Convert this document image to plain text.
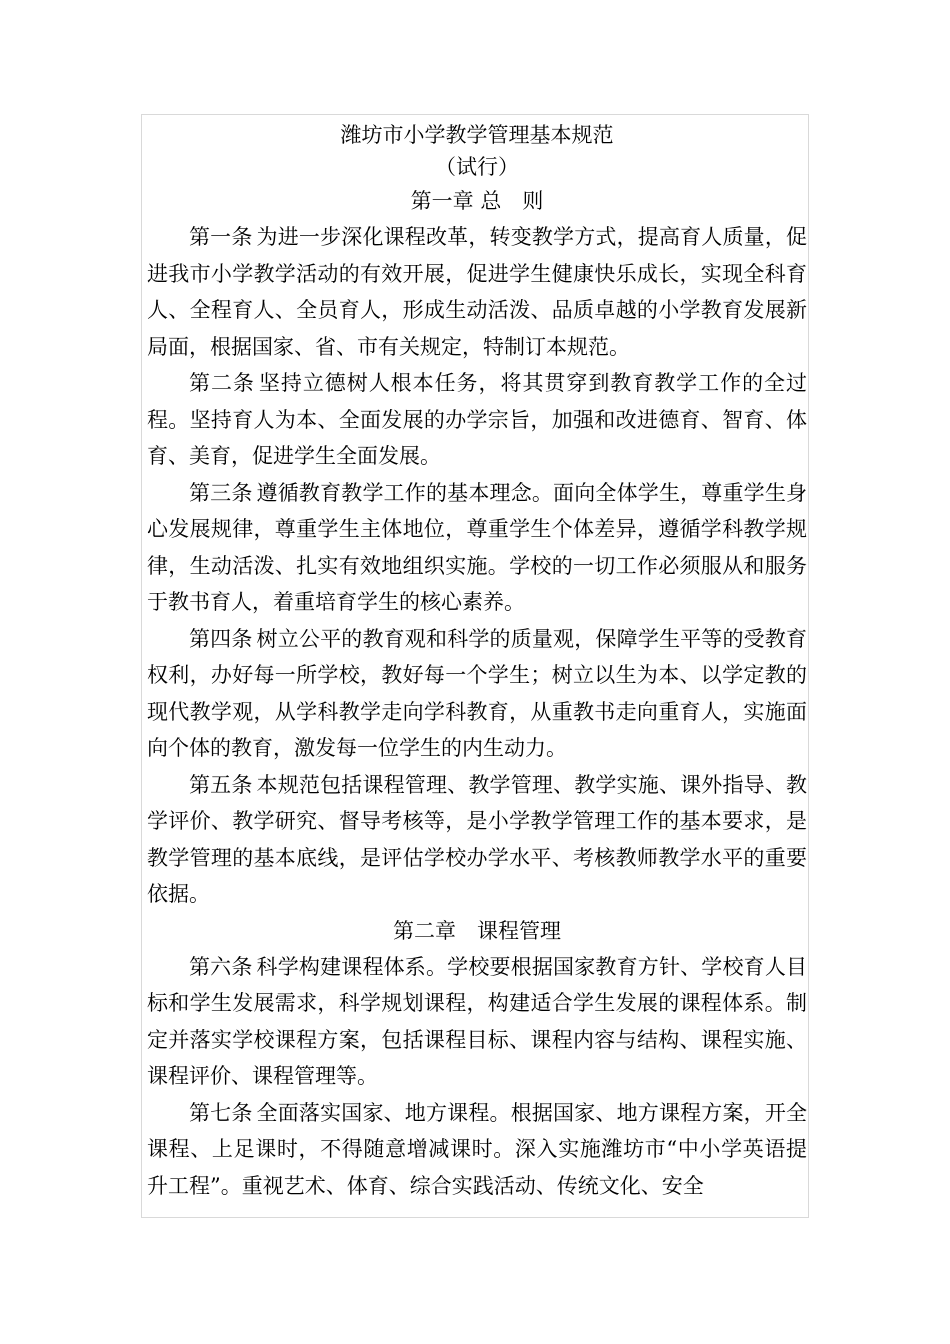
潍坊市小学教学管理基本规范
（试行）
第一章 总　则

第一条 为进一步深化课程改革，转变教学方式，提高育人质量，促进我市小学教学活动的有效开展，促进学生健康快乐成长，实现全科育人、全程育人、全员育人，形成生动活泼、品质卓越的小学教育发展新局面，根据国家、省、市有关规定，特制订本规范。

第二条 坚持立德树人根本任务，将其贯穿到教育教学工作的全过程。坚持育人为本、全面发展的办学宗旨，加强和改进德育、智育、体育、美育，促进学生全面发展。

第三条 遵循教育教学工作的基本理念。面向全体学生，尊重学生身心发展规律，尊重学生主体地位，尊重学生个体差异，遵循学科教学规律，生动活泼、扎实有效地组织实施。学校的一切工作必须服从和服务于教书育人，着重培育学生的核心素养。

第四条 树立公平的教育观和科学的质量观，保障学生平等的受教育权利，办好每一所学校，教好每一个学生；树立以生为本、以学定教的现代教学观，从学科教学走向学科教育，从重教书走向重育人，实施面向个体的教育，激发每一位学生的内生动力。

第五条 本规范包括课程管理、教学管理、教学实施、课外指导、教学评价、教学研究、督导考核等，是小学教学管理工作的基本要求，是教学管理的基本底线，是评估学校办学水平、考核教师教学水平的重要依据。

第二章　课程管理

第六条 科学构建课程体系。学校要根据国家教育方针、学校育人目标和学生发展需求，科学规划课程，构建适合学生发展的课程体系。制定并落实学校课程方案，包括课程目标、课程内容与结构、课程实施、课程评价、课程管理等。

第七条 全面落实国家、地方课程。根据国家、地方课程方案，开全课程、上足课时，不得随意增减课时。深入实施潍坊市“中小学英语提升工程”。重视艺术、体育、综合实践活动、传统文化、安全
